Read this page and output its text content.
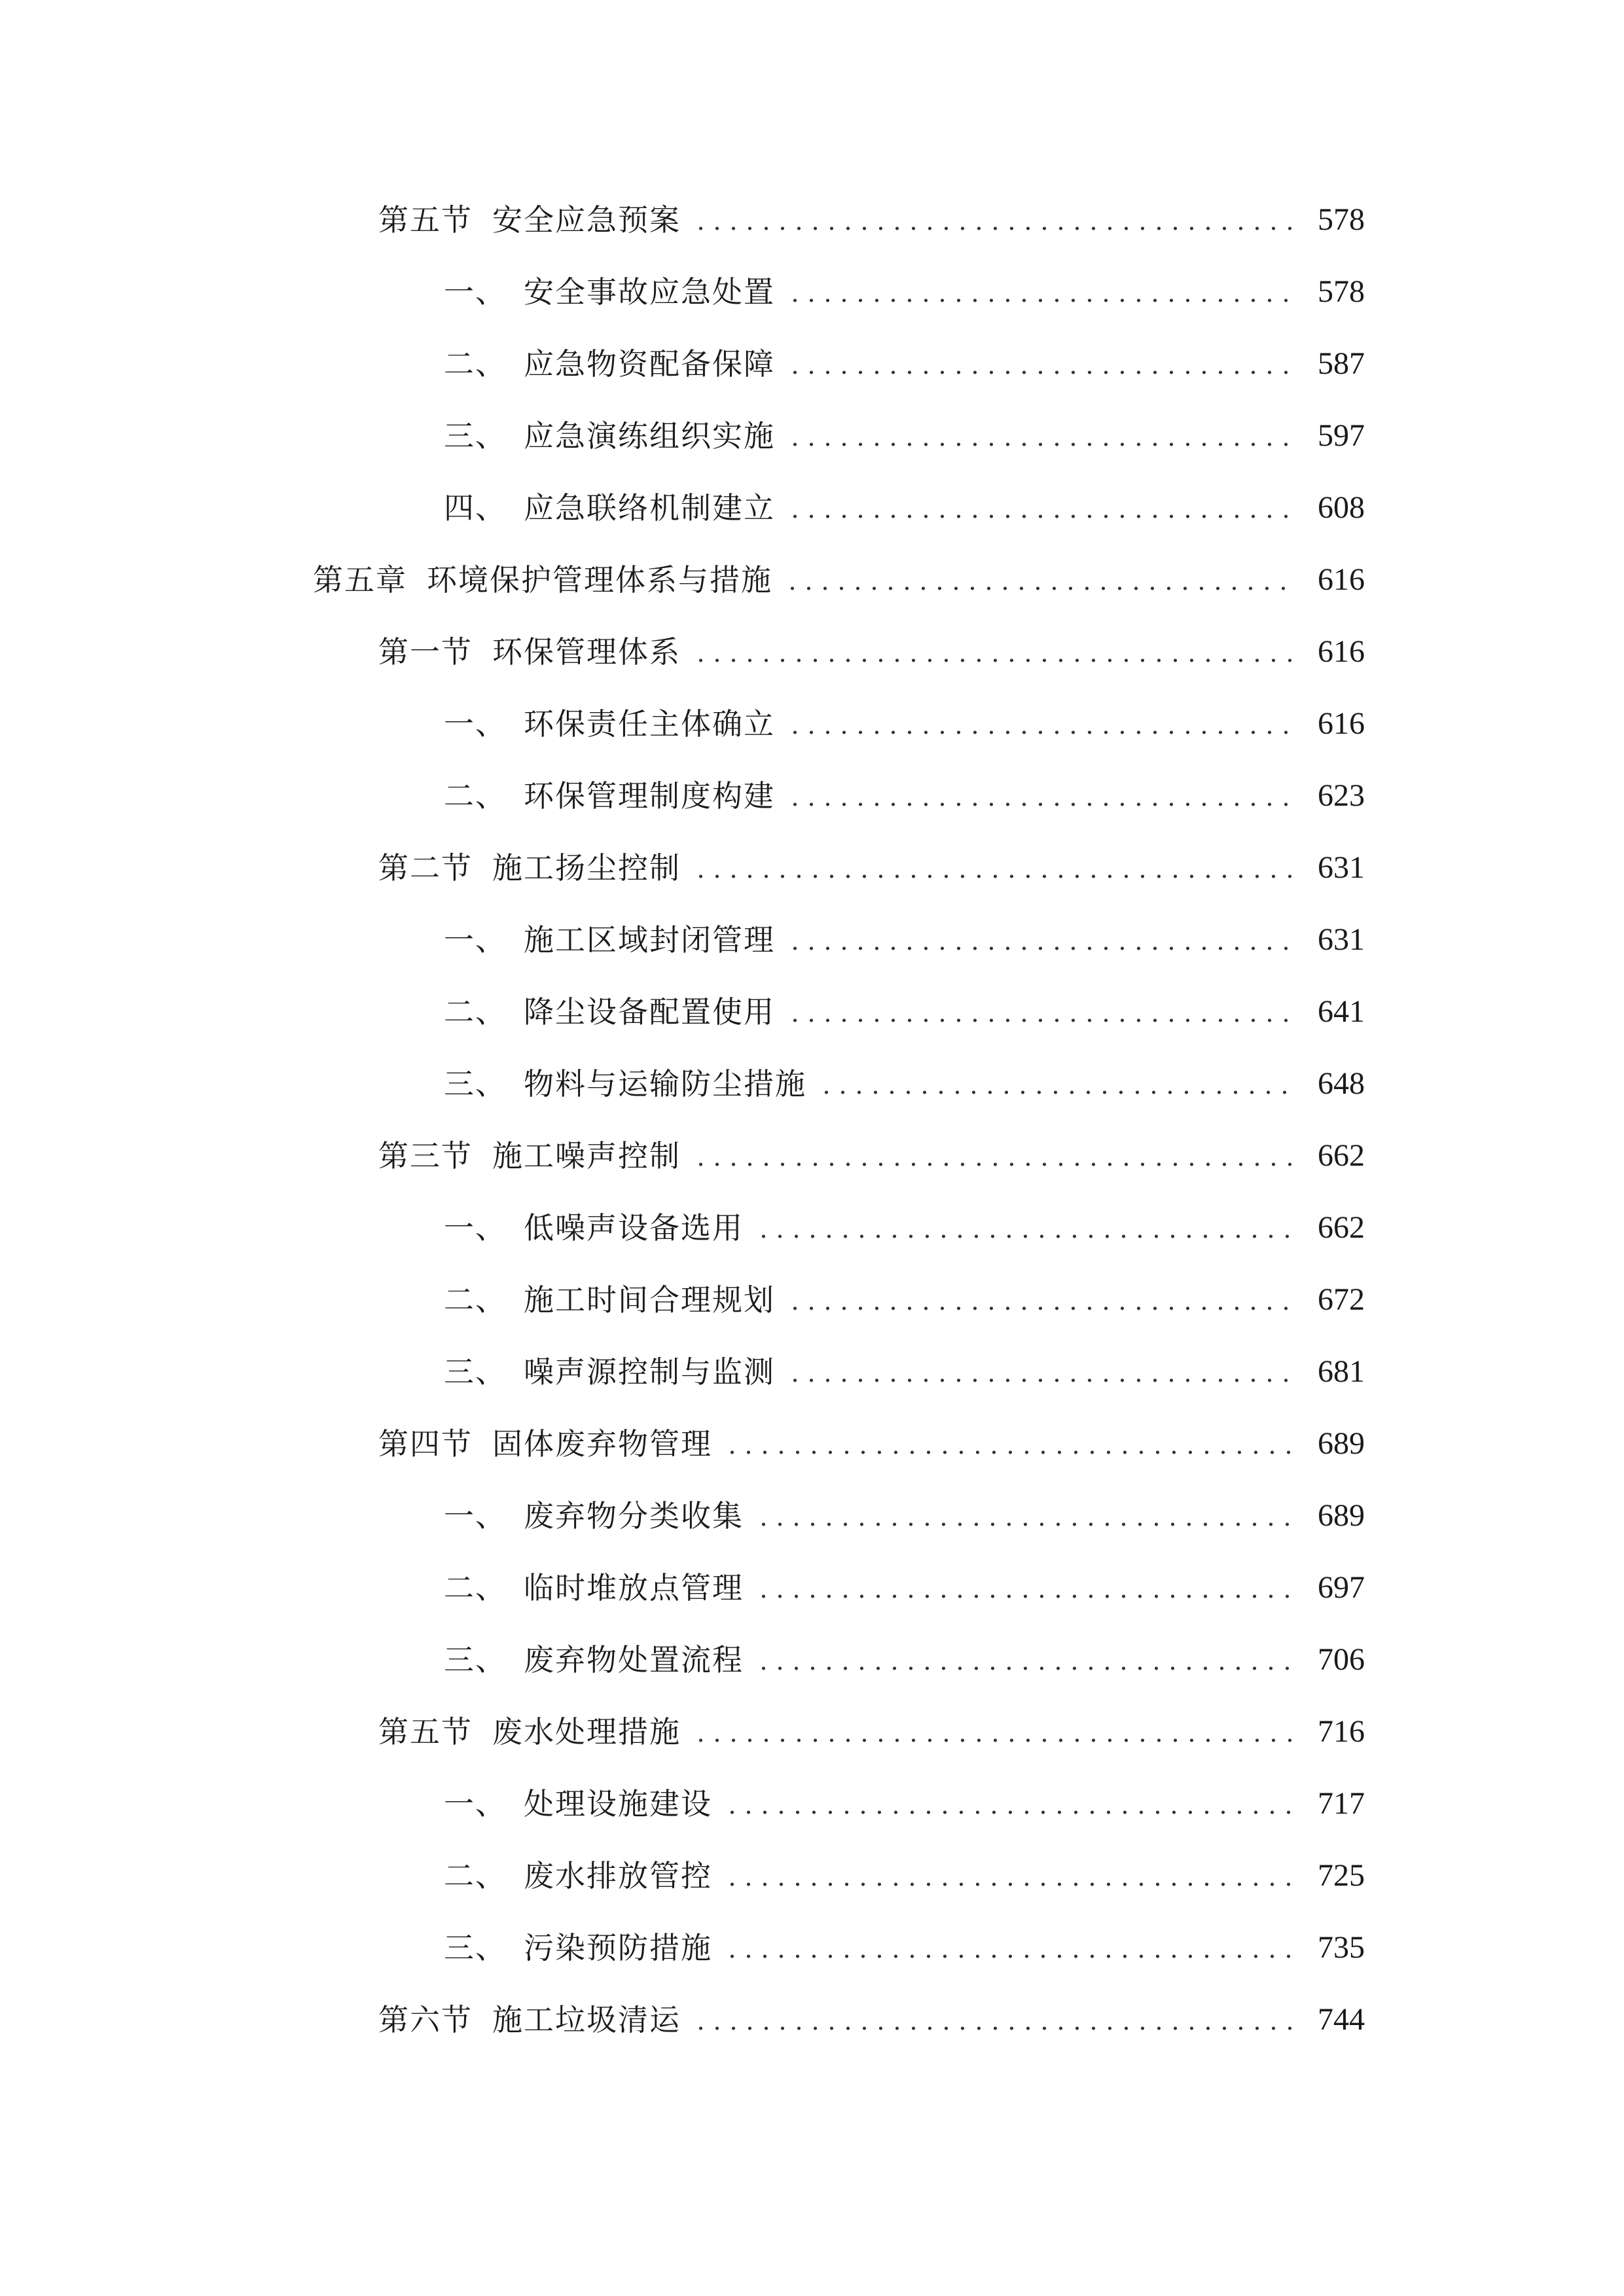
第五节 安全应急预案	578
一、 安全事故应急处置	578
二、 应急物资配备保障	587
三、 应急演练组织实施	597
四、 应急联络机制建立	608
第五章 环境保护管理体系与措施	616
第一节 环保管理体系	616
一、 环保责任主体确立	616
二、 环保管理制度构建	623
第二节 施工扬尘控制	631
一、 施工区域封闭管理	631
二、 降尘设备配置使用	641
三、 物料与运输防尘措施	648
第三节 施工噪声控制	662
一、 低噪声设备选用	662
二、 施工时间合理规划	672
三、 噪声源控制与监测	681
第四节 固体废弃物管理	689
一、 废弃物分类收集	689
二、 临时堆放点管理	697
三、 废弃物处置流程	706
第五节 废水处理措施	716
一、 处理设施建设	717
二、 废水排放管控	725
三、 污染预防措施	735
第六节 施工垃圾清运	744
